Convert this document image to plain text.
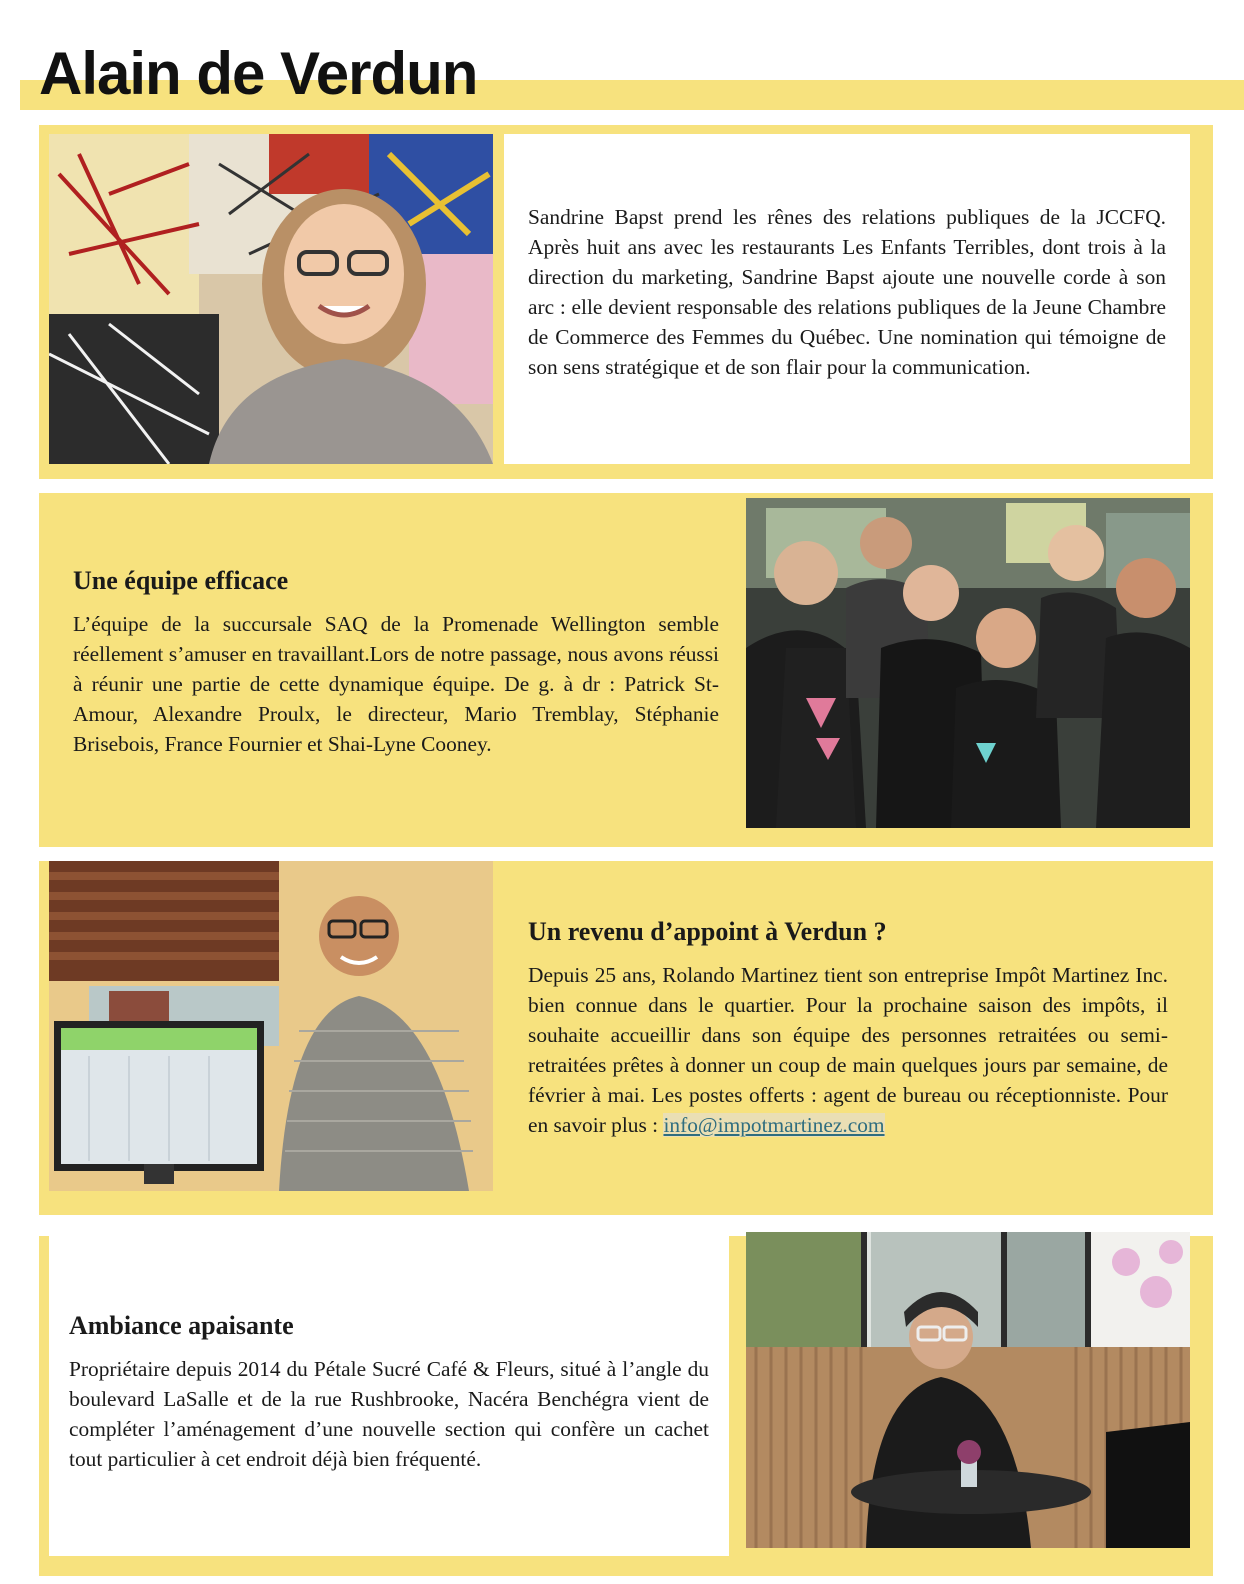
Alain de Verdun

Sandrine Bapst prend les rênes des relations publiques de la JCCFQ. Après huit ans avec les restaurants Les Enfants Terribles, dont trois à la direction du marketing, Sandrine Bapst ajoute une nouvelle corde à son arc : elle devient responsable des relations publiques de la Jeune Chambre de Commerce des Femmes du Québec. Une nomination qui témoigne de son sens stratégique et de son flair pour la communication.

Une équipe efficace

L’équipe de la succursale SAQ de la Promenade Wellington semble réellement s’amuser en travaillant.Lors de notre passage, nous avons réussi à réunir une partie de cette dynamique équipe. De g. à dr : Patrick St-Amour, Alexandre Proulx, le directeur, Mario Tremblay, Stéphanie Brisebois, France Fournier et Shai-Lyne Cooney.

Un revenu d’appoint à Verdun ?

Depuis 25 ans, Rolando Martinez tient son entreprise Impôt Martinez Inc. bien connue dans le quartier. Pour la prochaine saison des impôts, il souhaite accueillir dans son équipe des personnes retraitées ou semi-retraitées prêtes à donner un coup de main quelques jours par semaine, de février à mai. Les postes offerts : agent de bureau ou réceptionniste. Pour en savoir plus : info@impotmartinez.com

Ambiance apaisante

Propriétaire depuis 2014 du Pétale Sucré Café & Fleurs, situé à l’angle du boulevard LaSalle et de la rue Rushbrooke, Nacéra Benchégra vient de compléter l’aménagement d’une nouvelle section qui confère un cachet tout particulier à cet endroit déjà bien fréquenté.
